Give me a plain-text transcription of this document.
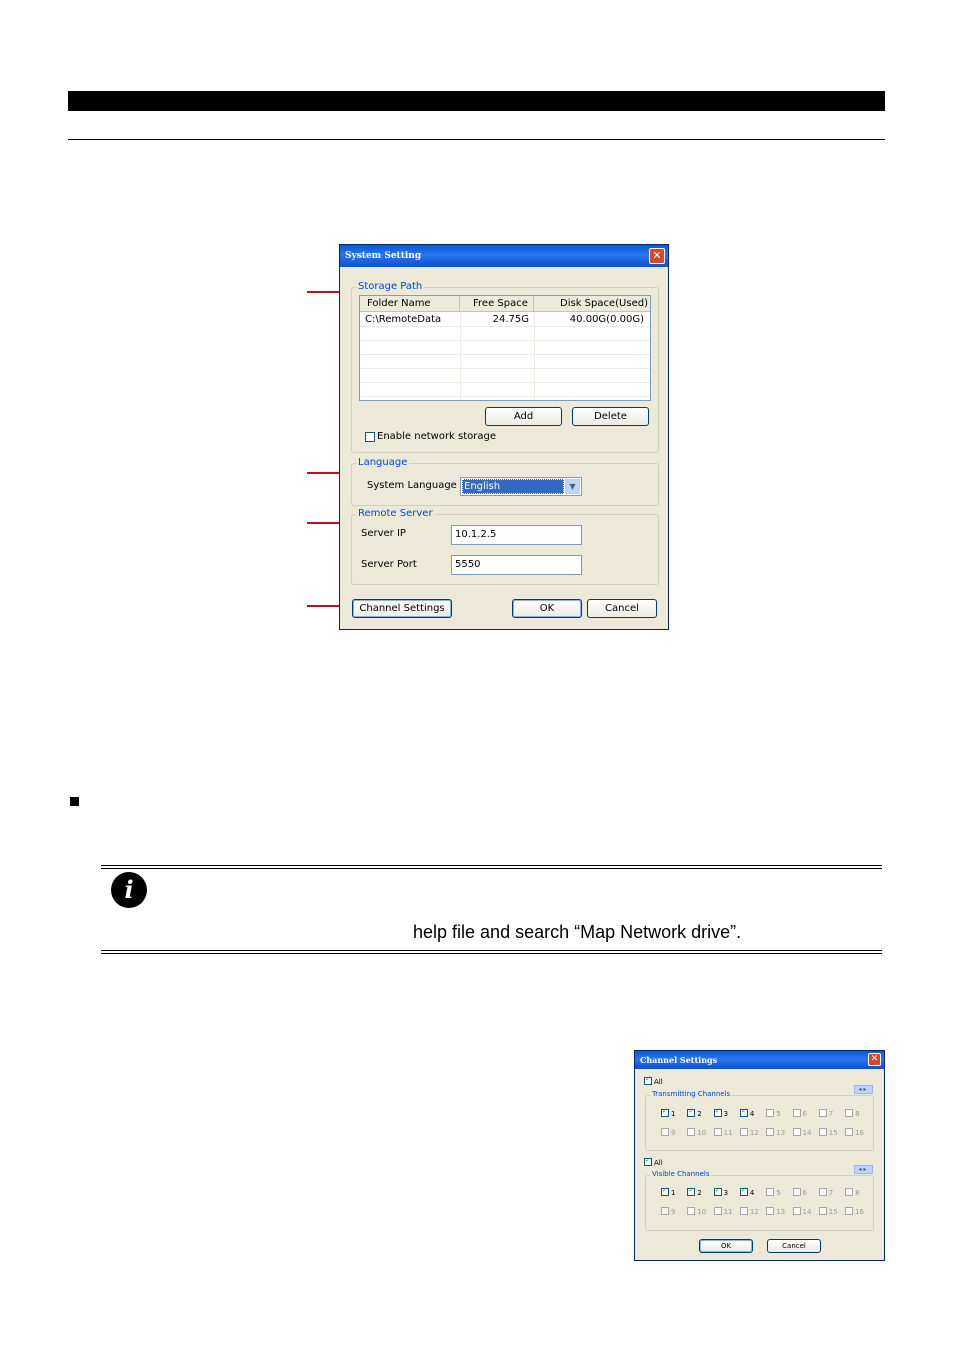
System Setting	✕
Storage Path
Folder Name	Free Space	Disk Space(Used)
C:\RemoteData	24.75G	40.00G(0.00G)
Add	Delete
Enable network storage
Language
System Language English	▼
Remote Server
Server IP	10.1.2.5
Server Port	5550
Channel Settings	OK	Cancel
i
help file and search “Map Network drive”.
Channel Settings	✕
✓
All
◂▸
Transmitting Channels
✓
1 ✓	2 ✓	3 ✓	4	5	6	7	8
9	10 11 12 13 14 15 16
✓
All
◂▸
Visible Channels
✓
1 ✓	2 ✓	3 ✓	4	5	6	7	8
9	10 11 12 13 14 15 16
OK	Cancel
